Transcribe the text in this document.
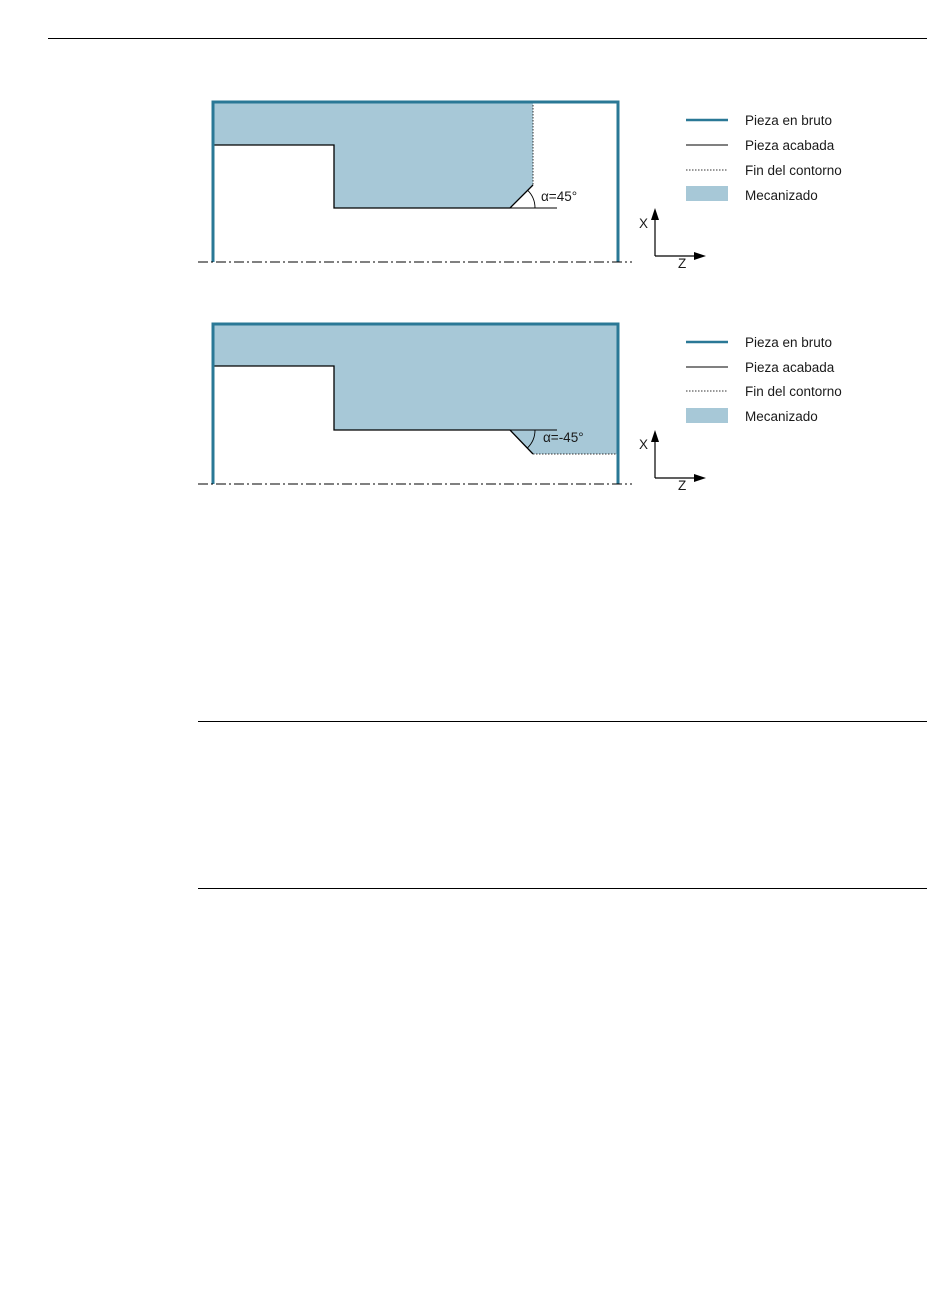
α=45°
Pieza en bruto
Pieza acabada
Fin del contorno
Mecanizado
X
Z
α=-45°
Pieza en bruto
Pieza acabada
Fin del contorno
Mecanizado
X
Z
